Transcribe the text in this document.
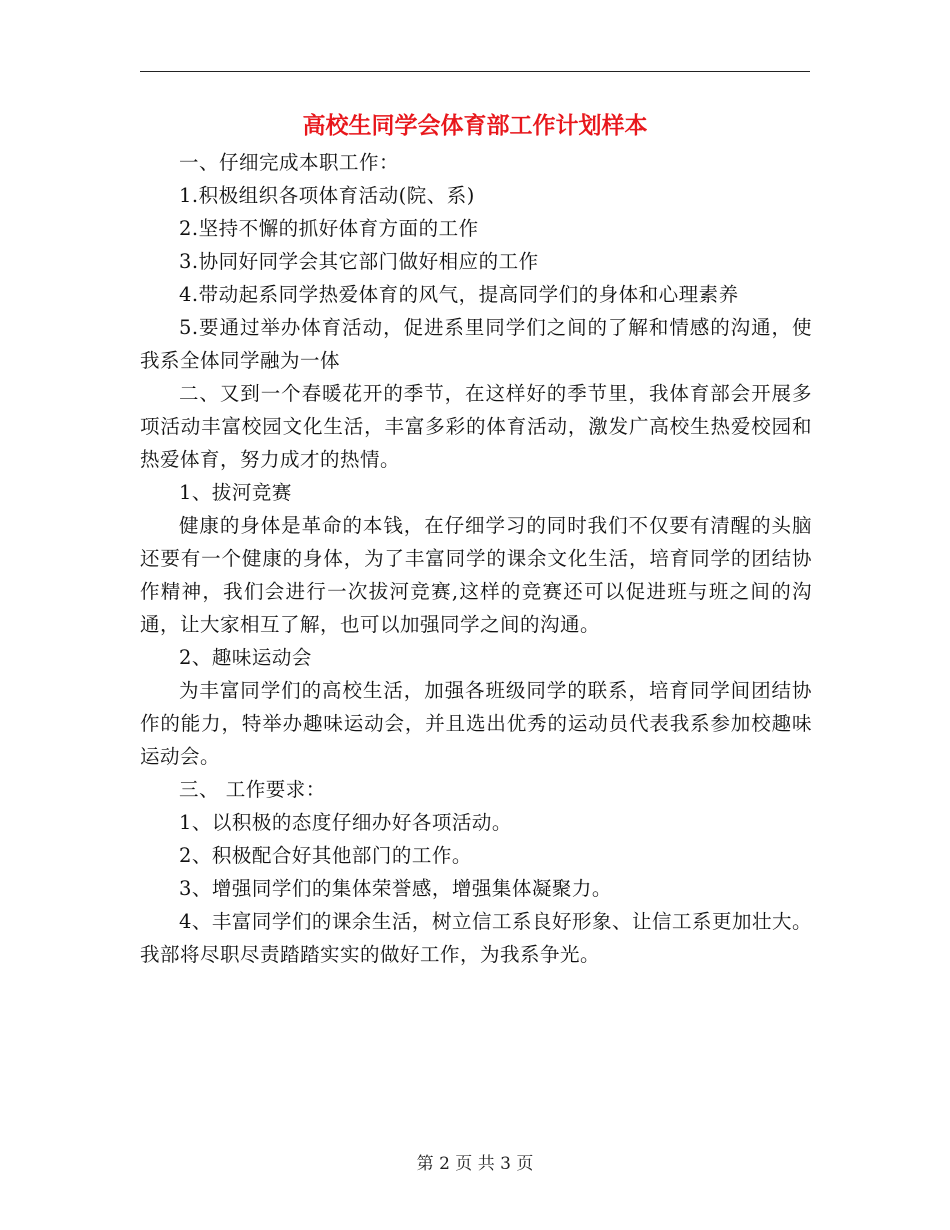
高校生同学会体育部工作计划样本

一、仔细完成本职工作：

1.积极组织各项体育活动(院、系)

2.坚持不懈的抓好体育方面的工作

3.协同好同学会其它部门做好相应的工作

4.带动起系同学热爱体育的风气，提高同学们的身体和心理素养

5.要通过举办体育活动，促进系里同学们之间的了解和情感的沟通，使我系全体同学融为一体

二、又到一个春暖花开的季节，在这样好的季节里，我体育部会开展多项活动丰富校园文化生活，丰富多彩的体育活动，激发广高校生热爱校园和热爱体育，努力成才的热情。

1、拔河竞赛

健康的身体是革命的本钱，在仔细学习的同时我们不仅要有清醒的头脑还要有一个健康的身体，为了丰富同学的课余文化生活，培育同学的团结协作精神，我们会进行一次拔河竞赛,这样的竞赛还可以促进班与班之间的沟通，让大家相互了解，也可以加强同学之间的沟通。

2、趣味运动会

为丰富同学们的高校生活，加强各班级同学的联系，培育同学间团结协作的能力，特举办趣味运动会，并且选出优秀的运动员代表我系参加校趣味运动会。

三、 工作要求：

1、以积极的态度仔细办好各项活动。

2、积极配合好其他部门的工作。

3、增强同学们的集体荣誉感，增强集体凝聚力。

4、丰富同学们的课余生活，树立信工系良好形象、让信工系更加壮大。 我部将尽职尽责踏踏实实的做好工作，为我系争光。

第 2 页 共 3 页
